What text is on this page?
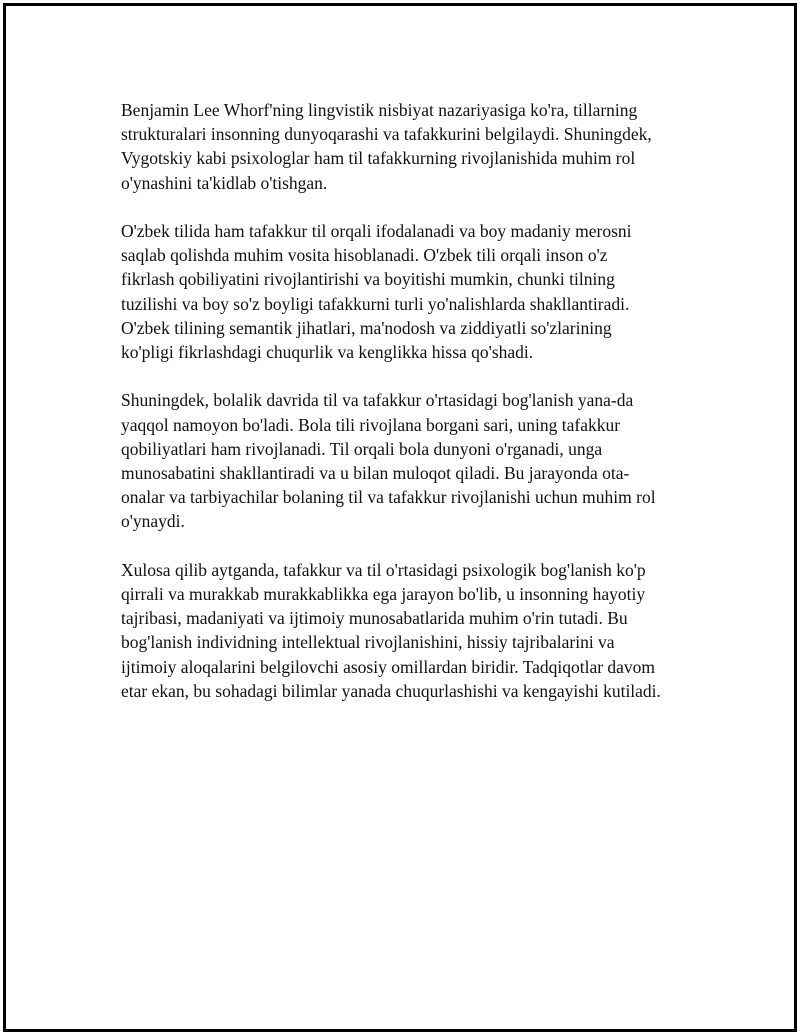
Benjamin Lee Whorf'ning lingvistik nisbiyat nazariyasiga ko'ra, tillarning
strukturalari insonning dunyoqarashi va tafakkurini belgilaydi. Shuningdek,
Vygotskiy kabi psixologlar ham til tafakkurning rivojlanishida muhim rol
o'ynashini ta'kidlab o'tishgan.

O'zbek tilida ham tafakkur til orqali ifodalanadi va boy madaniy merosni
saqlab qolishda muhim vosita hisoblanadi. O'zbek tili orqali inson o'z
fikrlash qobiliyatini rivojlantirishi va boyitishi mumkin, chunki tilning
tuzilishi va boy so'z boyligi tafakkurni turli yo'nalishlarda shakllantiradi.
O'zbek tilining semantik jihatlari, ma'nodosh va ziddiyatli so'zlarining
ko'pligi fikrlashdagi chuqurlik va kenglikka hissa qo'shadi.

Shuningdek, bolalik davrida til va tafakkur o'rtasidagi bog'lanish yana-da
yaqqol namoyon bo'ladi. Bola tili rivojlana borgani sari, uning tafakkur
qobiliyatlari ham rivojlanadi. Til orqali bola dunyoni o'rganadi, unga
munosabatini shakllantiradi va u bilan muloqot qiladi. Bu jarayonda ota-
onalar va tarbiyachilar bolaning til va tafakkur rivojlanishi uchun muhim rol
o'ynaydi.

Xulosa qilib aytganda, tafakkur va til o'rtasidagi psixologik bog'lanish ko'p
qirrali va murakkab murakkablikka ega jarayon bo'lib, u insonning hayotiy
tajribasi, madaniyati va ijtimoiy munosabatlarida muhim o'rin tutadi. Bu
bog'lanish individning intellektual rivojlanishini, hissiy tajribalarini va
ijtimoiy aloqalarini belgilovchi asosiy omillardan biridir. Tadqiqotlar davom
etar ekan, bu sohadagi bilimlar yanada chuqurlashishi va kengayishi kutiladi.
